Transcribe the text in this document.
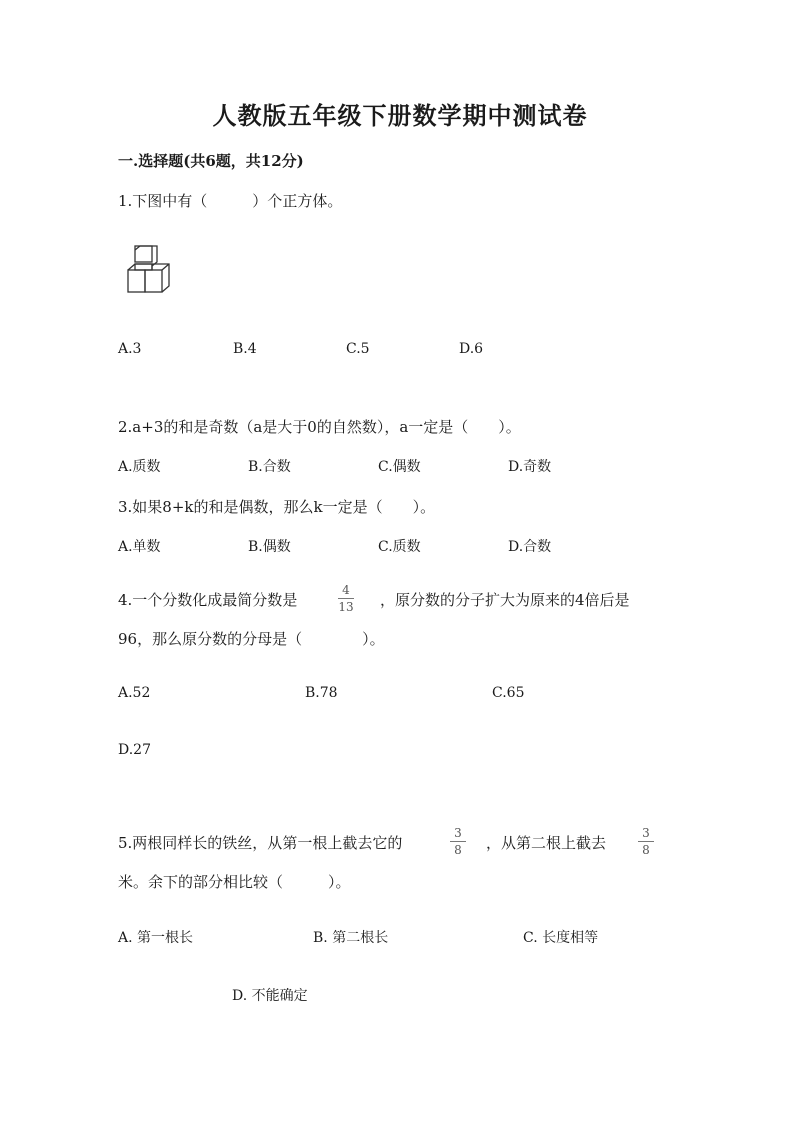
人教版五年级下册数学期中测试卷
一.选择题(共6题，共12分)
1.下图中有（　　　）个正方体。
A.3	B.4	C.5	D.6
2.a+3的和是奇数（a是大于0的自然数），a一定是（　　）。
A.质数	B.合数	C.偶数	D.奇数
3.如果8+k的和是偶数，那么k一定是（　　）。
A.单数	B.偶数	C.质数	D.合数
4.一个分数化成最简分数是
4
13 ，原分数的分子扩大为原来的4倍后是
96，那么原分数的分母是（　　　　）。
A.52	B.78	C.65
D.27
5.两根同样长的铁丝，从第一根上截去它的
3
8 ，从第二根上截去
3
8
米。余下的部分相比较（　　　）。
A. 第一根长	B. 第二根长	C. 长度相等
D. 不能确定
